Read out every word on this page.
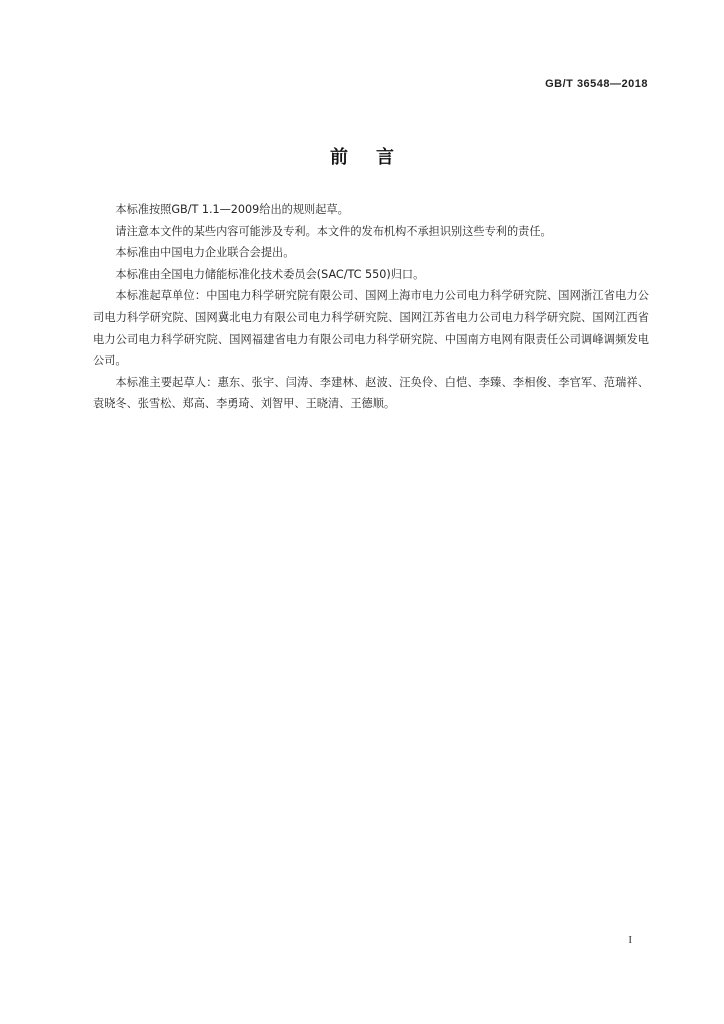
GB/T 36548—2018
前言

本标准按照GB/T 1.1—2009给出的规则起草。

请注意本文件的某些内容可能涉及专利。本文件的发布机构不承担识别这些专利的责任。

本标准由中国电力企业联合会提出。

本标准由全国电力储能标准化技术委员会(SAC/TC 550)归口。

本标准起草单位：中国电力科学研究院有限公司、国网上海市电力公司电力科学研究院、国网浙江省电力公司电力科学研究院、国网冀北电力有限公司电力科学研究院、国网江苏省电力公司电力科学研究院、国网江西省电力公司电力科学研究院、国网福建省电力有限公司电力科学研究院、中国南方电网有限责任公司调峰调频发电公司。

本标准主要起草人：惠东、张宇、闫涛、李建林、赵波、汪奂伶、白恺、李臻、李相俊、李官军、范瑞祥、袁晓冬、张雪松、郑高、李勇琦、刘智甲、王晓清、王德顺。

I
